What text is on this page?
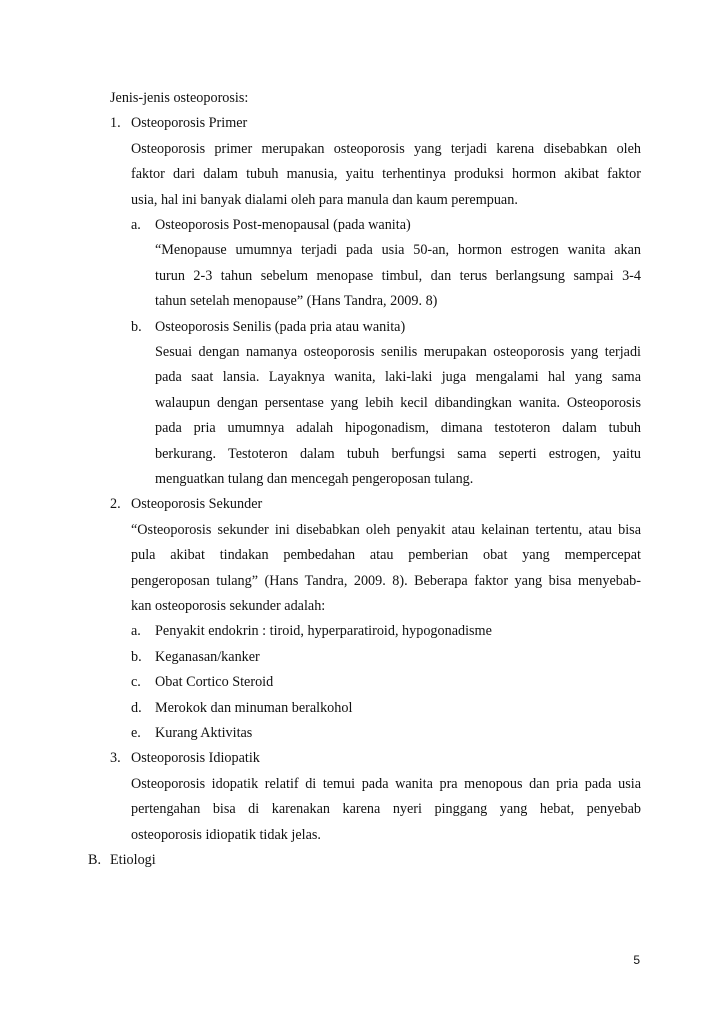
Jenis-jenis osteoporosis:
1. Osteoporosis Primer
Osteoporosis primer merupakan osteoporosis yang terjadi karena disebabkan oleh
faktor dari dalam tubuh manusia, yaitu terhentinya produksi hormon akibat faktor
usia, hal ini banyak dialami oleh para manula dan kaum perempuan.
a. Osteoporosis Post-menopausal (pada wanita)
“Menopause umumnya terjadi pada usia 50-an, hormon estrogen wanita akan
turun 2-3 tahun sebelum menopase timbul, dan terus berlangsung sampai 3-4
tahun setelah menopause” (Hans Tandra, 2009. 8)
b. Osteoporosis Senilis (pada pria atau wanita)
Sesuai dengan namanya osteoporosis senilis merupakan osteoporosis yang terjadi
pada saat lansia. Layaknya wanita, laki-laki juga mengalami hal yang sama
walaupun dengan persentase yang lebih kecil dibandingkan wanita. Osteoporosis
pada pria umumnya adalah hipogonadism, dimana testoteron dalam tubuh
berkurang. Testoteron dalam tubuh berfungsi sama seperti estrogen, yaitu
menguatkan tulang dan mencegah pengeroposan tulang.
2. Osteoporosis Sekunder
“Osteoporosis sekunder ini disebabkan oleh penyakit atau kelainan tertentu, atau bisa
pula akibat tindakan pembedahan atau pemberian obat yang mempercepat
pengeroposan tulang” (Hans Tandra, 2009. 8). Beberapa faktor yang bisa menyebab-
kan osteoporosis sekunder adalah:
a. Penyakit endokrin : tiroid, hyperparatiroid, hypogonadisme
b. Keganasan/kanker
c. Obat Cortico Steroid
d. Merokok dan minuman beralkohol
e. Kurang Aktivitas
3. Osteoporosis Idiopatik
Osteoporosis idopatik relatif di temui pada wanita pra menopous dan pria pada usia
pertengahan bisa di karenakan karena nyeri pinggang yang hebat, penyebab
osteoporosis idiopatik tidak jelas.
B. Etiologi
5
